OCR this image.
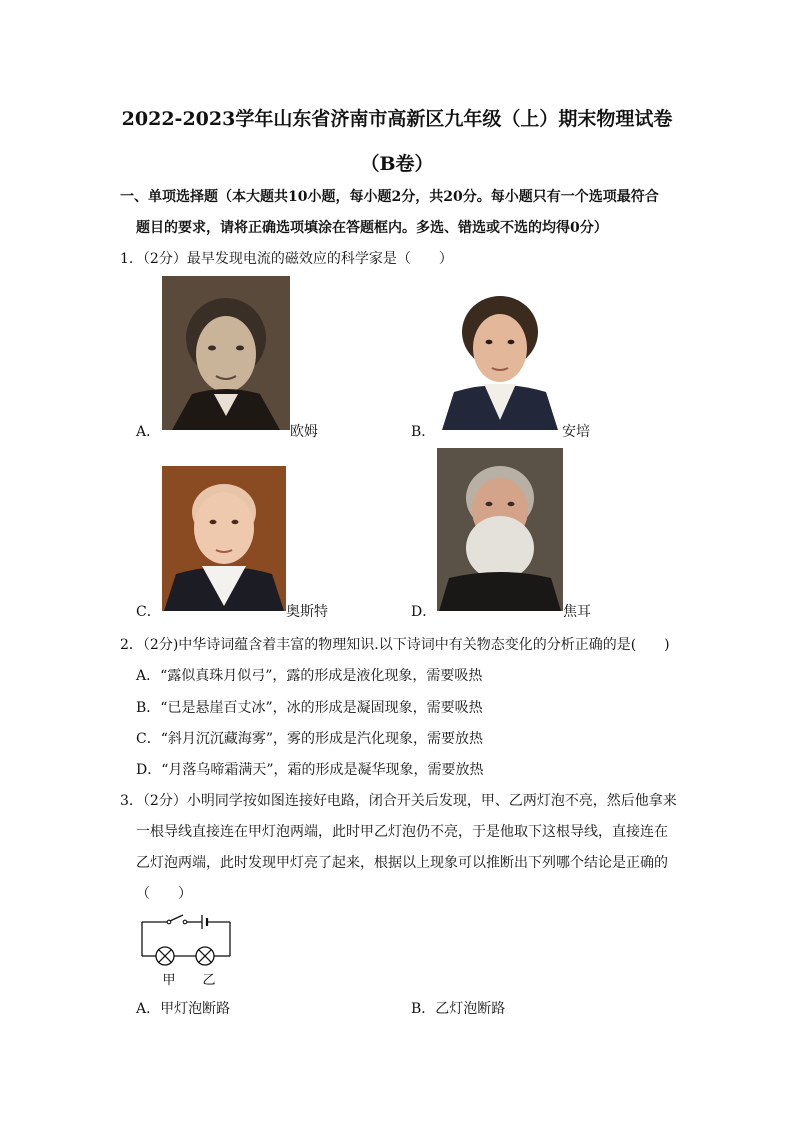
2022-2023学年山东省济南市高新区九年级（上）期末物理试卷
（B卷）
一、单项选择题（本大题共10小题，每小题2分，共20分。每小题只有一个选项最符合
题目的要求，请将正确选项填涂在答题框内。多选、错选或不选的均得0分）
1．（2分）最早发现电流的磁效应的科学家是（　　）
A．	欧姆	B．	安培
C．	奥斯特	D．	焦耳
2．（2分)中华诗词蕴含着丰富的物理知识.以下诗词中有关物态变化的分析正确的是(　　)
A．“露似真珠月似弓”，露的形成是液化现象，需要吸热
B．“已是悬崖百丈冰”，冰的形成是凝固现象，需要吸热
C．“斜月沉沉藏海雾”，雾的形成是汽化现象，需要放热
D．“月落乌啼霜满天”，霜的形成是凝华现象，需要放热
3．（2分）小明同学按如图连接好电路，闭合开关后发现，甲、乙两灯泡不亮，然后他拿来
一根导线直接连在甲灯泡两端，此时甲乙灯泡仍不亮，于是他取下这根导线，直接连在
乙灯泡两端，此时发现甲灯亮了起来，根据以上现象可以推断出下列哪个结论是正确的
（　　）
甲 乙
A．甲灯泡断路	B．乙灯泡断路
